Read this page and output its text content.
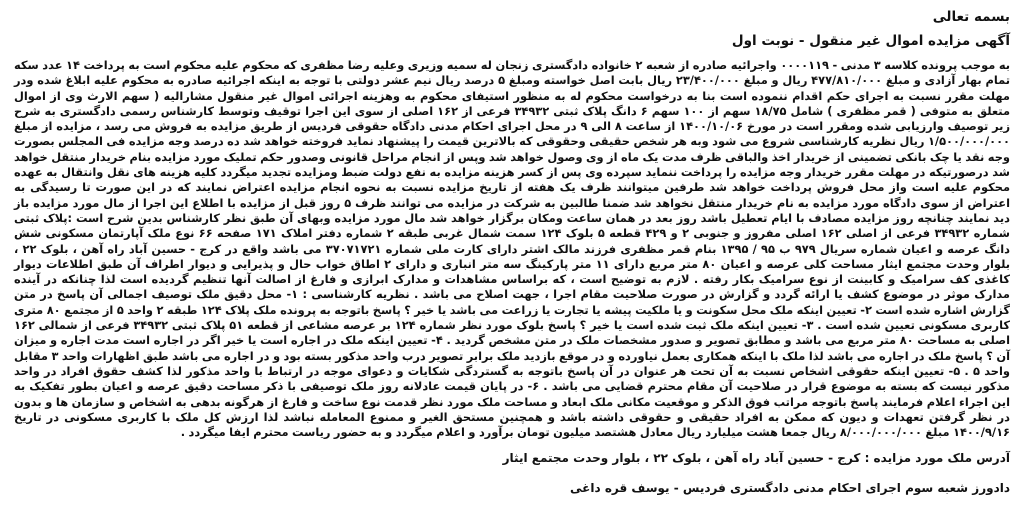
بسمه تعالی

آگهی مزایده اموال غیر منقول - نوبت اول

به موجب پرونده کلاسه ۳ مدنی - ۰۰۰۰۱۱۹ واجرائیه صادره از شعبه ۲ خانواده دادگستری زنجان له سمیه وزیری وعلیه رضا مظفری که محکوم علیه محکوم است به پرداخت ۱۴ عدد سکه تمام بهار آزادی و مبلغ ۴۷۷/۸۱۰/۰۰۰ ریال و مبلغ ۲۳/۴۰۰/۰۰۰ ریال بابت اصل خواسته ومبلغ ۵ درصد ریال نیم عشر دولتی با توجه به اینکه اجرائیه صادره به محکوم علیه ابلاغ شده ودر مهلت مقرر نسبت به اجرای حکم اقدام ننموده است بنا به درخواست محکوم له به منظور استیفای محکوم به وهزینه اجرائی اموال غیر منقول مشاراليه ( سهم الارث وی از اموال متعلق به متوفی ( قمر مظفری ) شامل ۱۸/۷۵ سهم از ۱۰۰ سهم ۶ دانگ پلاک ثبتی ۳۴۹۳۲ فرعی از ۱۶۲ اصلی از سوی این اجرا توقیف وتوسط کارشناس رسمی دادگستری به شرح زیر توصیف وارزیابی شده ومقرر است در مورخ ۱۴۰۰/۱۰/۰۶ از ساعت ۸ الی ۹ در محل اجرای احکام مدنی دادگاه حقوقی فردیس از طریق مزایده به فروش می رسد ، مزایده از مبلغ ۱/۵۰۰/۰۰۰/۰۰۰ ریال نظریه کارشناسی شروع می شود وبه هر شخص حقیقی وحقوقی که بالاترین قیمت را پیشنهاد نماید فروخته خواهد شد ده درصد وجه مزایده فی المجلس بصورت وجه نقد یا چک بانکی تضمینی از خریدار اخذ والباقی ظرف مدت یک ماه از وی وصول خواهد شد وپس از انجام مراحل قانونی وصدور حکم تملیک مورد مزایده بنام خریدار منتقل خواهد شد درصورتیکه در مهلت مقرر خریدار وجه مزایده را پرداخت ننماید سپرده وی پس از کسر هزینه مزایده به نفع دولت ضبط ومزایده تجدید میگردد کلیه هزینه های نقل وانتقال به عهده محکوم علیه است واز محل فروش پرداخت خواهد شد طرفین میتوانند ظرف یک هفته از تاریخ مزایده نسبت به نحوه انجام مزایده اعتراض نمایند که در این صورت تا رسیدگی به اعتراض از سوی دادگاه مورد مزایده به نام خریدار منتقل نخواهد شد ضمنا طالبین به شرکت در مزایده می توانند ظرف ۵ روز قبل از مزایده با اطلاع این اجرا از مال مورد مزایده باز دید نمایند چنانچه روز مزایده مصادف با ایام تعطیل باشد روز بعد در همان ساعت ومکان برگزار خواهد شد مال مورد مزایده وبهای آن طبق نظر کارشناس بدین شرح است :پلاک ثبتی شماره ۳۴۹۳۲ فرعی از اصلی ۱۶۲ اصلی مفروز و جنوبی ۲ و ۴۲۹ قطعه ۵ بلوک ۱۲۴ سمت شمال غربی طبقه ۲ شماره دفتر املاک ۱۷۱ صفحه ۶۶ نوع ملک آپارتمان مسکونی شش دانگ عرصه و اعیان شماره سریال ۹۷۹ ب ۹۵ / ۱۳۹۵ بنام قمر مظفری فرزند مالک اشتر دارای کارت ملی شماره ۳۷۰۷۱۷۲۱ می باشد واقع در کرج - حسین آباد راه آهن ، بلوک ۲۲ ، بلوار وحدت مجتمع ایثار مساحت کلی عرصه و اعیان ۸۰ متر مربع دارای ۱۱ متر پارکینگ سه متر انباری و دارای ۲ اطاق خواب حال و پذیرایی و دیوار اطراف آن طبق اطلاعات دیوار کاغذی کف سرامیک و کابینت از نوع سرامیک بکار رفته . لازم به توضیح است ، که براساس مشاهدات و مدارک ابرازی و فارغ از اصالت آنها تنظیم گردیده است لذا چنانکه در آینده مدارک موثر در موضوع کشف یا ارائه گردد و گزارش در صورت صلاحیت مقام اجرا ، جهت اصلاح می باشد . نظریه کارشناسی : ۱- محل دقیق ملک توصیف اجمالی آن پاسخ در متن گزارش اشاره شده است ۲- تعیین اینکه ملک محل سکونت و یا ملکیت پیشه یا تجارت یا زراعت می باشد یا خیر ؟ پاسخ باتوجه به پرونده ملک پلاک ۱۲۴ طبقه ۲ واحد ۵ از مجتمع ۸۰ متری کاربری مسکونی تعیین شده است . ۳- تعیین اینکه ملک ثبت شده است یا خیر ؟ پاسخ بلوک مورد نظر شماره ۱۲۴ بر عرصه مشاعی از قطعه ۵۱ پلاک ثبتی ۳۴۹۳۲ فرعی از شمالی ۱۶۲ اصلی به مساحت ۸۰ متر مربع می باشد و مطابق تصویر و صدور مشخصات ملک در متن مشخص گردید . ۴- تعیین اینکه ملک در اجاره است یا خیر اگر در اجاره است مدت اجاره و میزان آن ؟ پاسخ ملک در اجاره می باشد لذا ملک با اینکه همکاری بعمل نیاورده و در موقع بازدید ملک برابر تصویر درب واحد مذکور بسته بود و در اجاره می باشد طبق اظهارات واحد ۳ مقابل واحد ۵ . ۵- تعیین اینکه حقوقی اشخاص نسبت به آن تحت هر عنوان در آن پاسخ باتوجه به گستردگی شکایات و دعوای موجه در ارتباط با واحد مذکور لذا کشف حقوق افراد در واحد مذکور نیست که بسته به موضوع قرار در صلاحیت آن مقام محترم قضایی می باشد . ۶- در پایان قیمت عادلانه روز ملک توصیفی با ذکر مساحت دقیق عرصه و اعیان بطور تفکیک به این اجراء اعلام فرمایند پاسخ باتوجه مراتب فوق الذکر و موقعیت مکانی ملک ابعاد و مساحت ملک مورد نظر قدمت نوع ساخت و فارغ از هرگونه بدهی به اشخاص و سازمان ها و بدون در نظر گرفتن تعهدات و دیون که ممکن به افراد حقیقی و حقوقی داشته باشد و همچنین مستحق الغیر و ممنوع المعامله نباشد لذا ارزش کل ملک با کاربری مسکونی در تاریخ ۱۴۰۰/۹/۱۶ مبلغ ۸/۰۰۰/۰۰۰/۰۰۰ ریال جمعا هشت میلیارد ریال معادل هشتصد میلیون تومان برآورد و اعلام میگردد و به حضور ریاست محترم ایفا میگردد .

آدرس ملک مورد مزایده : کرج - حسین آباد راه آهن ، بلوک ۲۲ ، بلوار وحدت مجتمع ایثار

دادورز شعبه سوم اجرای احکام مدنی دادگستری فردیس - یوسف قره داغی
